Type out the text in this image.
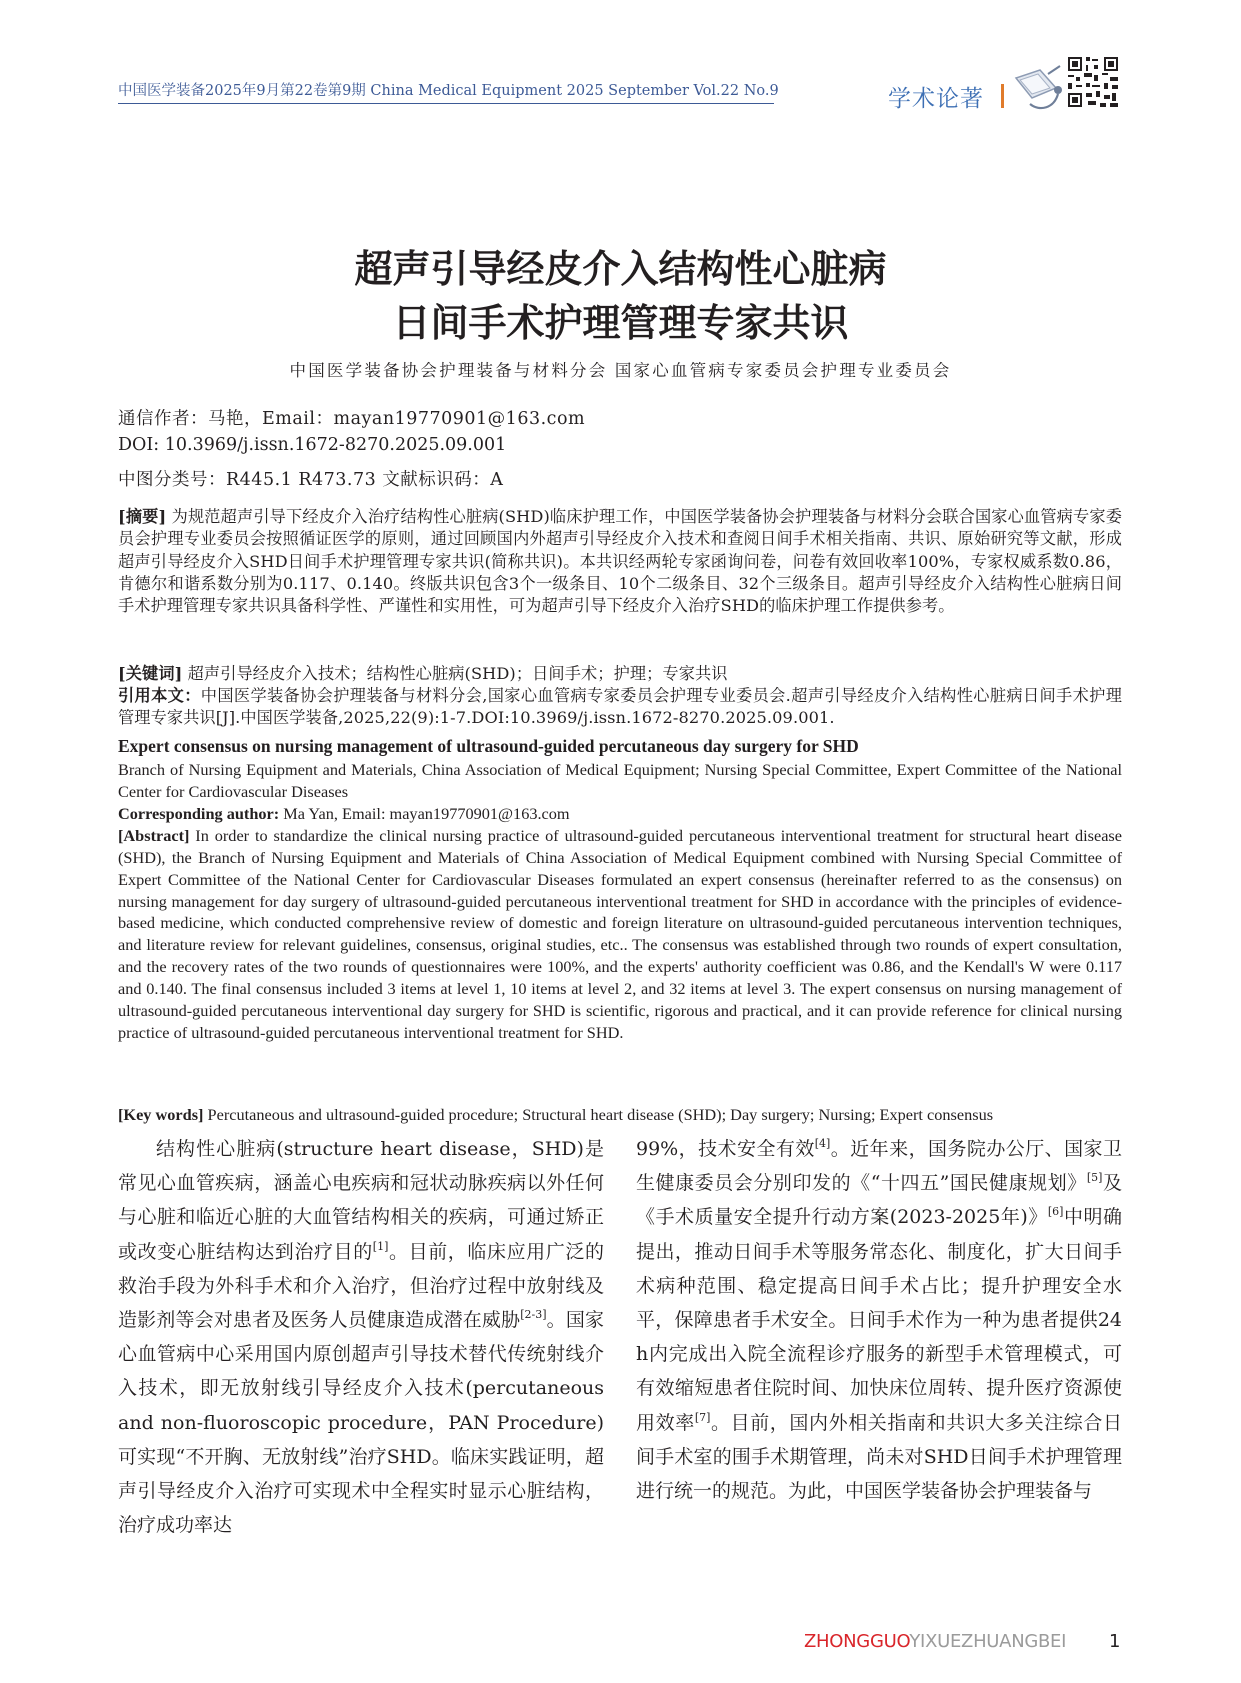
中国医学装备2025年9月第22卷第9期 China Medical Equipment 2025 September Vol.22 No.9	学术论著
超声引导经皮介入结构性心脏病
日间手术护理管理专家共识
中国医学装备协会护理装备与材料分会 国家心血管病专家委员会护理专业委员会
通信作者：马艳，Email：mayan19770901@163.com
DOI: 10.3969/j.issn.1672-8270.2025.09.001
中图分类号：R445.1 R473.73 文献标识码：A
[摘要] 为规范超声引导下经皮介入治疗结构性心脏病(SHD)临床护理工作，中国医学装备协会护理装备与材料分会联合国家心血管病专家委员会护理专业委员会按照循证医学的原则，通过回顾国内外超声引导经皮介入技术和查阅日间手术相关指南、共识、原始研究等文献，形成超声引导经皮介入SHD日间手术护理管理专家共识(简称共识)。本共识经两轮专家函询问卷，问卷有效回收率100%，专家权威系数0.86，肯德尔和谐系数分别为0.117、0.140。终版共识包含3个一级条目、10个二级条目、32个三级条目。超声引导经皮介入结构性心脏病日间手术护理管理专家共识具备科学性、严谨性和实用性，可为超声引导下经皮介入治疗SHD的临床护理工作提供参考。
[关键词] 超声引导经皮介入技术；结构性心脏病(SHD)；日间手术；护理；专家共识
引用本文：中国医学装备协会护理装备与材料分会,国家心血管病专家委员会护理专业委员会.超声引导经皮介入结构性心脏病日间手术护理管理专家共识[J].中国医学装备,2025,22(9):1-7.DOI:10.3969/j.issn.1672-8270.2025.09.001.
Expert consensus on nursing management of ultrasound-guided percutaneous day surgery for SHD
Branch of Nursing Equipment and Materials, China Association of Medical Equipment; Nursing Special Committee, Expert Committee of the National Center for Cardiovascular Diseases
Corresponding author: Ma Yan, Email: mayan19770901@163.com
[Abstract] In order to standardize the clinical nursing practice of ultrasound-guided percutaneous interventional treatment for structural heart disease (SHD), the Branch of Nursing Equipment and Materials of China Association of Medical Equipment combined with Nursing Special Committee of Expert Committee of the National Center for Cardiovascular Diseases formulated an expert consensus (hereinafter referred to as the consensus) on nursing management for day surgery of ultrasound-guided percutaneous interventional treatment for SHD in accordance with the principles of evidence-based medicine, which conducted comprehensive review of domestic and foreign literature on ultrasound-guided percutaneous intervention techniques, and literature review for relevant guidelines, consensus, original studies, etc.. The consensus was established through two rounds of expert consultation, and the recovery rates of the two rounds of questionnaires were 100%, and the experts' authority coefficient was 0.86, and the Kendall's W were 0.117 and 0.140. The final consensus included 3 items at level 1, 10 items at level 2, and 32 items at level 3. The expert consensus on nursing management of ultrasound-guided percutaneous interventional day surgery for SHD is scientific, rigorous and practical, and it can provide reference for clinical nursing practice of ultrasound-guided percutaneous interventional treatment for SHD.
[Key words] Percutaneous and ultrasound-guided procedure; Structural heart disease (SHD); Day surgery; Nursing; Expert consensus

结构性心脏病(structure heart disease，SHD)是常见心血管疾病，涵盖心电疾病和冠状动脉疾病以外任何与心脏和临近心脏的大血管结构相关的疾病，可通过矫正或改变心脏结构达到治疗目的[1]。目前，临床应用广泛的救治手段为外科手术和介入治疗，但治疗过程中放射线及造影剂等会对患者及医务人员健康造成潜在威胁[2-3]。国家心血管病中心采用国内原创超声引导技术替代传统射线介入技术，即无放射线引导经皮介入技术(percutaneous and non-fluoroscopic procedure，PAN Procedure)可实现“不开胸、无放射线”治疗SHD。临床实践证明，超声引导经皮介入治疗可实现术中全程实时显示心脏结构，治疗成功率达

99%，技术安全有效[4]。近年来，国务院办公厅、国家卫生健康委员会分别印发的《“十四五”国民健康规划》[5]及《手术质量安全提升行动方案(2023-2025年)》[6]中明确提出，推动日间手术等服务常态化、制度化，扩大日间手术病种范围、稳定提高日间手术占比；提升护理安全水平，保障患者手术安全。日间手术作为一种为患者提供24 h内完成出入院全流程诊疗服务的新型手术管理模式，可有效缩短患者住院时间、加快床位周转、提升医疗资源使用效率[7]。目前，国内外相关指南和共识大多关注综合日间手术室的围手术期管理，尚未对SHD日间手术护理管理进行统一的规范。为此，中国医学装备协会护理装备与

ZHONGGUOYIXUEZHUANGBEI 1
